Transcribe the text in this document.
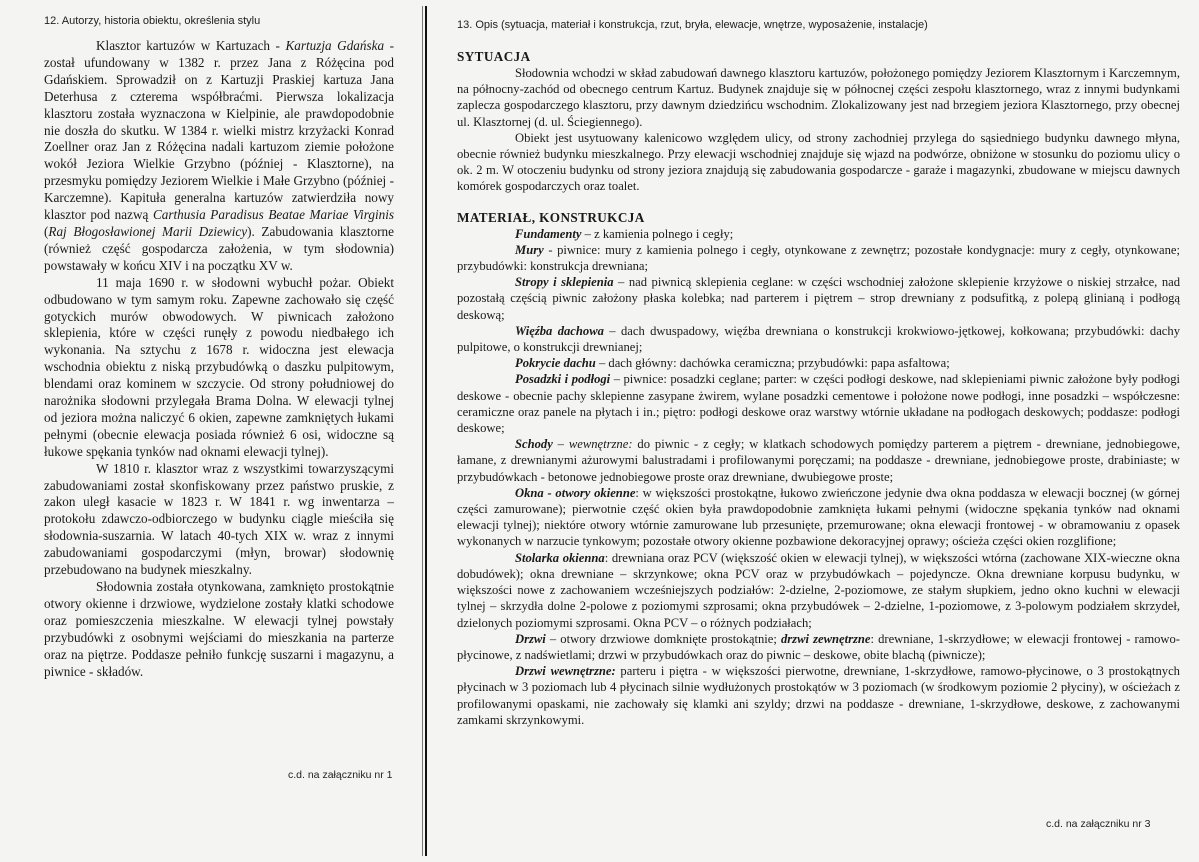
12. Autorzy, historia obiektu, określenia stylu

Klasztor kartuzów w Kartuzach - Kartuzja Gdańska - został ufundowany w 1382 r. przez Jana z Różęcina pod Gdańskiem. Sprowadził on z Kartuzji Praskiej kartuza Jana Deterhusa z czterema współbraćmi. Pierwsza lokalizacja klasztoru została wyznaczona w Kielpinie, ale prawdopodobnie nie doszła do skutku. W 1384 r. wielki mistrz krzyżacki Konrad Zoellner oraz Jan z Różęcina nadali kartuzom ziemie położone wokół Jeziora Wielkie Grzybno (później - Klasztorne), na przesmyku pomiędzy Jeziorem Wielkie i Małe Grzybno (później - Karczemne). Kapituła generalna kartuzów zatwierdziła nowy klasztor pod nazwą Carthusia Paradisus Beatae Mariae Virginis (Raj Błogosławionej Marii Dziewicy). Zabudowania klasztorne (również część gospodarcza założenia, w tym słodownia) powstawały w końcu XIV i na początku XV w.

11 maja 1690 r. w słodowni wybuchł pożar. Obiekt odbudowano w tym samym roku. Zapewne zachowało się część gotyckich murów obwodowych. W piwnicach założono sklepienia, które w części runęły z powodu niedbałego ich wykonania. Na sztychu z 1678 r. widoczna jest elewacja wschodnia obiektu z niską przybudówką o daszku pulpitowym, blendami oraz kominem w szczycie. Od strony południowej do narożnika słodowni przylegała Brama Dolna. W elewacji tylnej od jeziora można naliczyć 6 okien, zapewne zamkniętych łukami pełnymi (obecnie elewacja posiada również 6 osi, widoczne są łukowe spękania tynków nad oknami elewacji tylnej).

W 1810 r. klasztor wraz z wszystkimi towarzyszącymi zabudowaniami został skonfiskowany przez państwo pruskie, z zakon uległ kasacie w 1823 r. W 1841 r. wg inwentarza – protokołu zdawczo-odbiorczego w budynku ciągle mieściła się słodownia-suszarnia. W latach 40-tych XIX w. wraz z innymi zabudowaniami gospodarczymi (młyn, browar) słodownię przebudowano na budynek mieszkalny.

Słodownia została otynkowana, zamknięto prostokątnie otwory okienne i drzwiowe, wydzielone zostały klatki schodowe oraz pomieszczenia mieszkalne. W elewacji tylnej powstały przybudówki z osobnymi wejściami do mieszkania na parterze oraz na piętrze. Poddasze pełniło funkcję suszarni i magazynu, a piwnice - składów.

c.d. na załączniku nr 1
13. Opis (sytuacja, materiał i konstrukcja, rzut, bryła, elewacje, wnętrze, wyposażenie, instalacje)
SYTUACJA

Słodownia wchodzi w skład zabudowań dawnego klasztoru kartuzów, położonego pomiędzy Jeziorem Klasztornym i Karczemnym, na północny-zachód od obecnego centrum Kartuz. Budynek znajduje się w północnej części zespołu klasztornego, wraz z innymi budynkami zaplecza gospodarczego klasztoru, przy dawnym dziedzińcu wschodnim. Zlokalizowany jest nad brzegiem jeziora Klasztornego, przy obecnej ul. Klasztornej (d. ul. Ściegiennego).

Obiekt jest usytuowany kalenicowo względem ulicy, od strony zachodniej przylega do sąsiedniego budynku dawnego młyna, obecnie również budynku mieszkalnego. Przy elewacji wschodniej znajduje się wjazd na podwórze, obniżone w stosunku do poziomu ulicy o ok. 2 m. W otoczeniu budynku od strony jeziora znajdują się zabudowania gospodarcze - garaże i magazynki, zbudowane w miejscu dawnych komórek gospodarczych oraz toalet.

MATERIAŁ, KONSTRUKCJA

Fundamenty – z kamienia polnego i cegły;

Mury - piwnice: mury z kamienia polnego i cegły, otynkowane z zewnętrz; pozostałe kondygnacje: mury z cegły, otynkowane; przybudówki: konstrukcja drewniana;

Stropy i sklepienia – nad piwnicą sklepienia ceglane: w części wschodniej założone sklepienie krzyżowe o niskiej strzałce, nad pozostałą częścią piwnic założony płaska kolebka; nad parterem i piętrem – strop drewniany z podsufitką, z polepą glinianą i podłogą deskową;

Więźba dachowa – dach dwuspadowy, więźba drewniana o konstrukcji krokwiowo-jętkowej, kołkowana; przybudówki: dachy pulpitowe, o konstrukcji drewnianej;

Pokrycie dachu – dach główny: dachówka ceramiczna; przybudówki: papa asfaltowa;

Posadzki i podłogi – piwnice: posadzki ceglane; parter: w części podłogi deskowe, nad sklepieniami piwnic założone były podłogi deskowe - obecnie pachy sklepienne zasypane żwirem, wylane posadzki cementowe i położone nowe podłogi, inne posadzki – współczesne: ceramiczne oraz panele na płytach i in.; piętro: podłogi deskowe oraz warstwy wtórnie układane na podłogach deskowych; poddasze: podłogi deskowe;

Schody – wewnętrzne: do piwnic - z cegły; w klatkach schodowych pomiędzy parterem a piętrem - drewniane, jednobiegowe, łamane, z drewnianymi ażurowymi balustradami i profilowanymi poręczami; na poddasze - drewniane, jednobiegowe proste, drabiniaste; w przybudówkach - betonowe jednobiegowe proste oraz drewniane, dwubiegowe proste;

Okna - otwory okienne: w większości prostokątne, łukowo zwieńczone jedynie dwa okna poddasza w elewacji bocznej (w górnej części zamurowane); pierwotnie część okien była prawdopodobnie zamknięta łukami pełnymi (widoczne spękania tynków nad oknami elewacji tylnej); niektóre otwory wtórnie zamurowane lub przesunięte, przemurowane; okna elewacji frontowej - w obramowaniu z opasek wykonanych w narzucie tynkowym; pozostałe otwory okienne pozbawione dekoracyjnej oprawy; ościeża części okien rozglifione;

Stolarka okienna: drewniana oraz PCV (większość okien w elewacji tylnej), w większości wtórna (zachowane XIX-wieczne okna dobudówek); okna drewniane – skrzynkowe; okna PCV oraz w przybudówkach – pojedyncze. Okna drewniane korpusu budynku, w większości nowe z zachowaniem wcześniejszych podziałów: 2-dzielne, 2-poziomowe, ze stałym słupkiem, jedno okno kuchni w elewacji tylnej – skrzydła dolne 2-polowe z poziomymi szprosami; okna przybudówek – 2-dzielne, 1-poziomowe, z 3-polowym podziałem skrzydeł, dzielonych poziomymi szprosami. Okna PCV – o różnych podziałach;

Drzwi – otwory drzwiowe domknięte prostokątnie; drzwi zewnętrzne: drewniane, 1-skrzydłowe; w elewacji frontowej - ramowo-płycinowe, z nadświetlami; drzwi w przybudówkach oraz do piwnic – deskowe, obite blachą (piwnicze);

Drzwi wewnętrzne: parteru i piętra - w większości pierwotne, drewniane, 1-skrzydłowe, ramowo-płycinowe, o 3 prostokątnych płycinach w 3 poziomach lub 4 płycinach silnie wydłużonych prostokątów w 3 poziomach (w środkowym poziomie 2 płyciny), w ościeżach z profilowanymi opaskami, nie zachowały się klamki ani szyldy; drzwi na poddasze - drewniane, 1-skrzydłowe, deskowe, z zachowanymi zamkami skrzynkowymi.

c.d. na załączniku nr 3
